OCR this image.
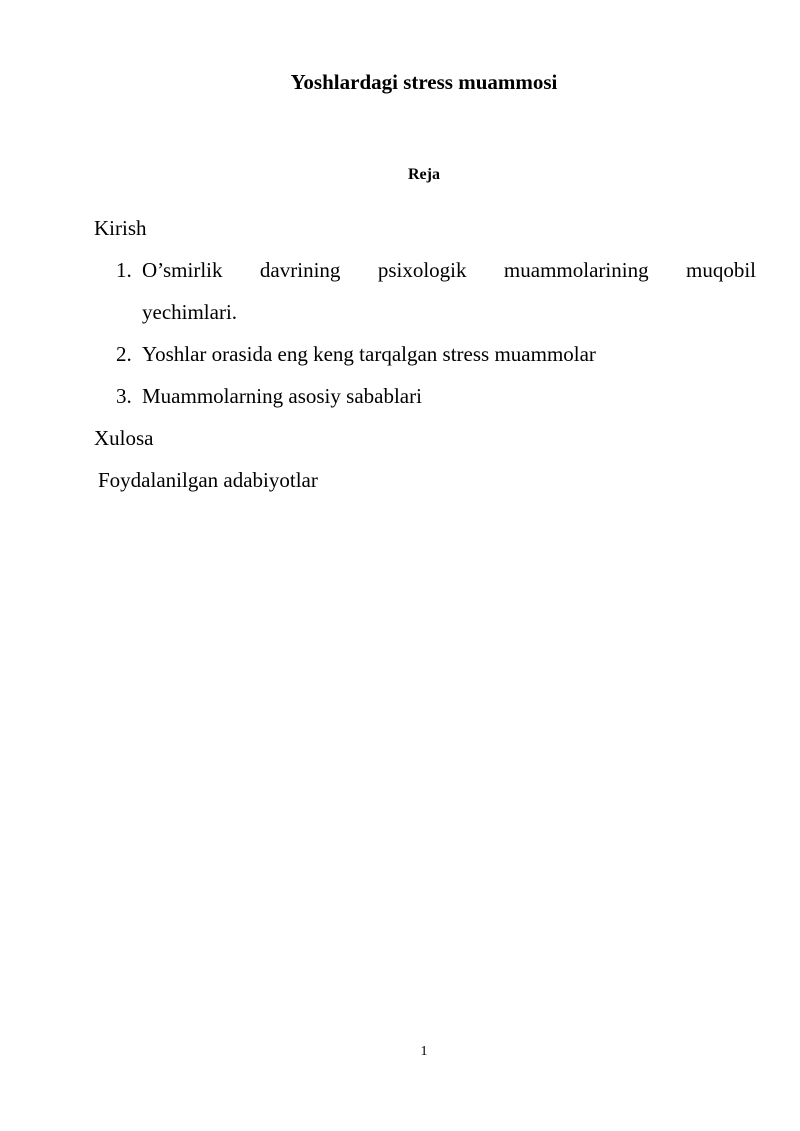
Yoshlardagi stress muammosi
Reja
Kirish
1. O’smirlik davrining psixologik muammolarining muqobil
yechimlari.
2. Yoshlar orasida eng keng tarqalgan stress muammolar
3. Muammolarning asosiy sabablari
Xulosa
Foydalanilgan adabiyotlar
1
